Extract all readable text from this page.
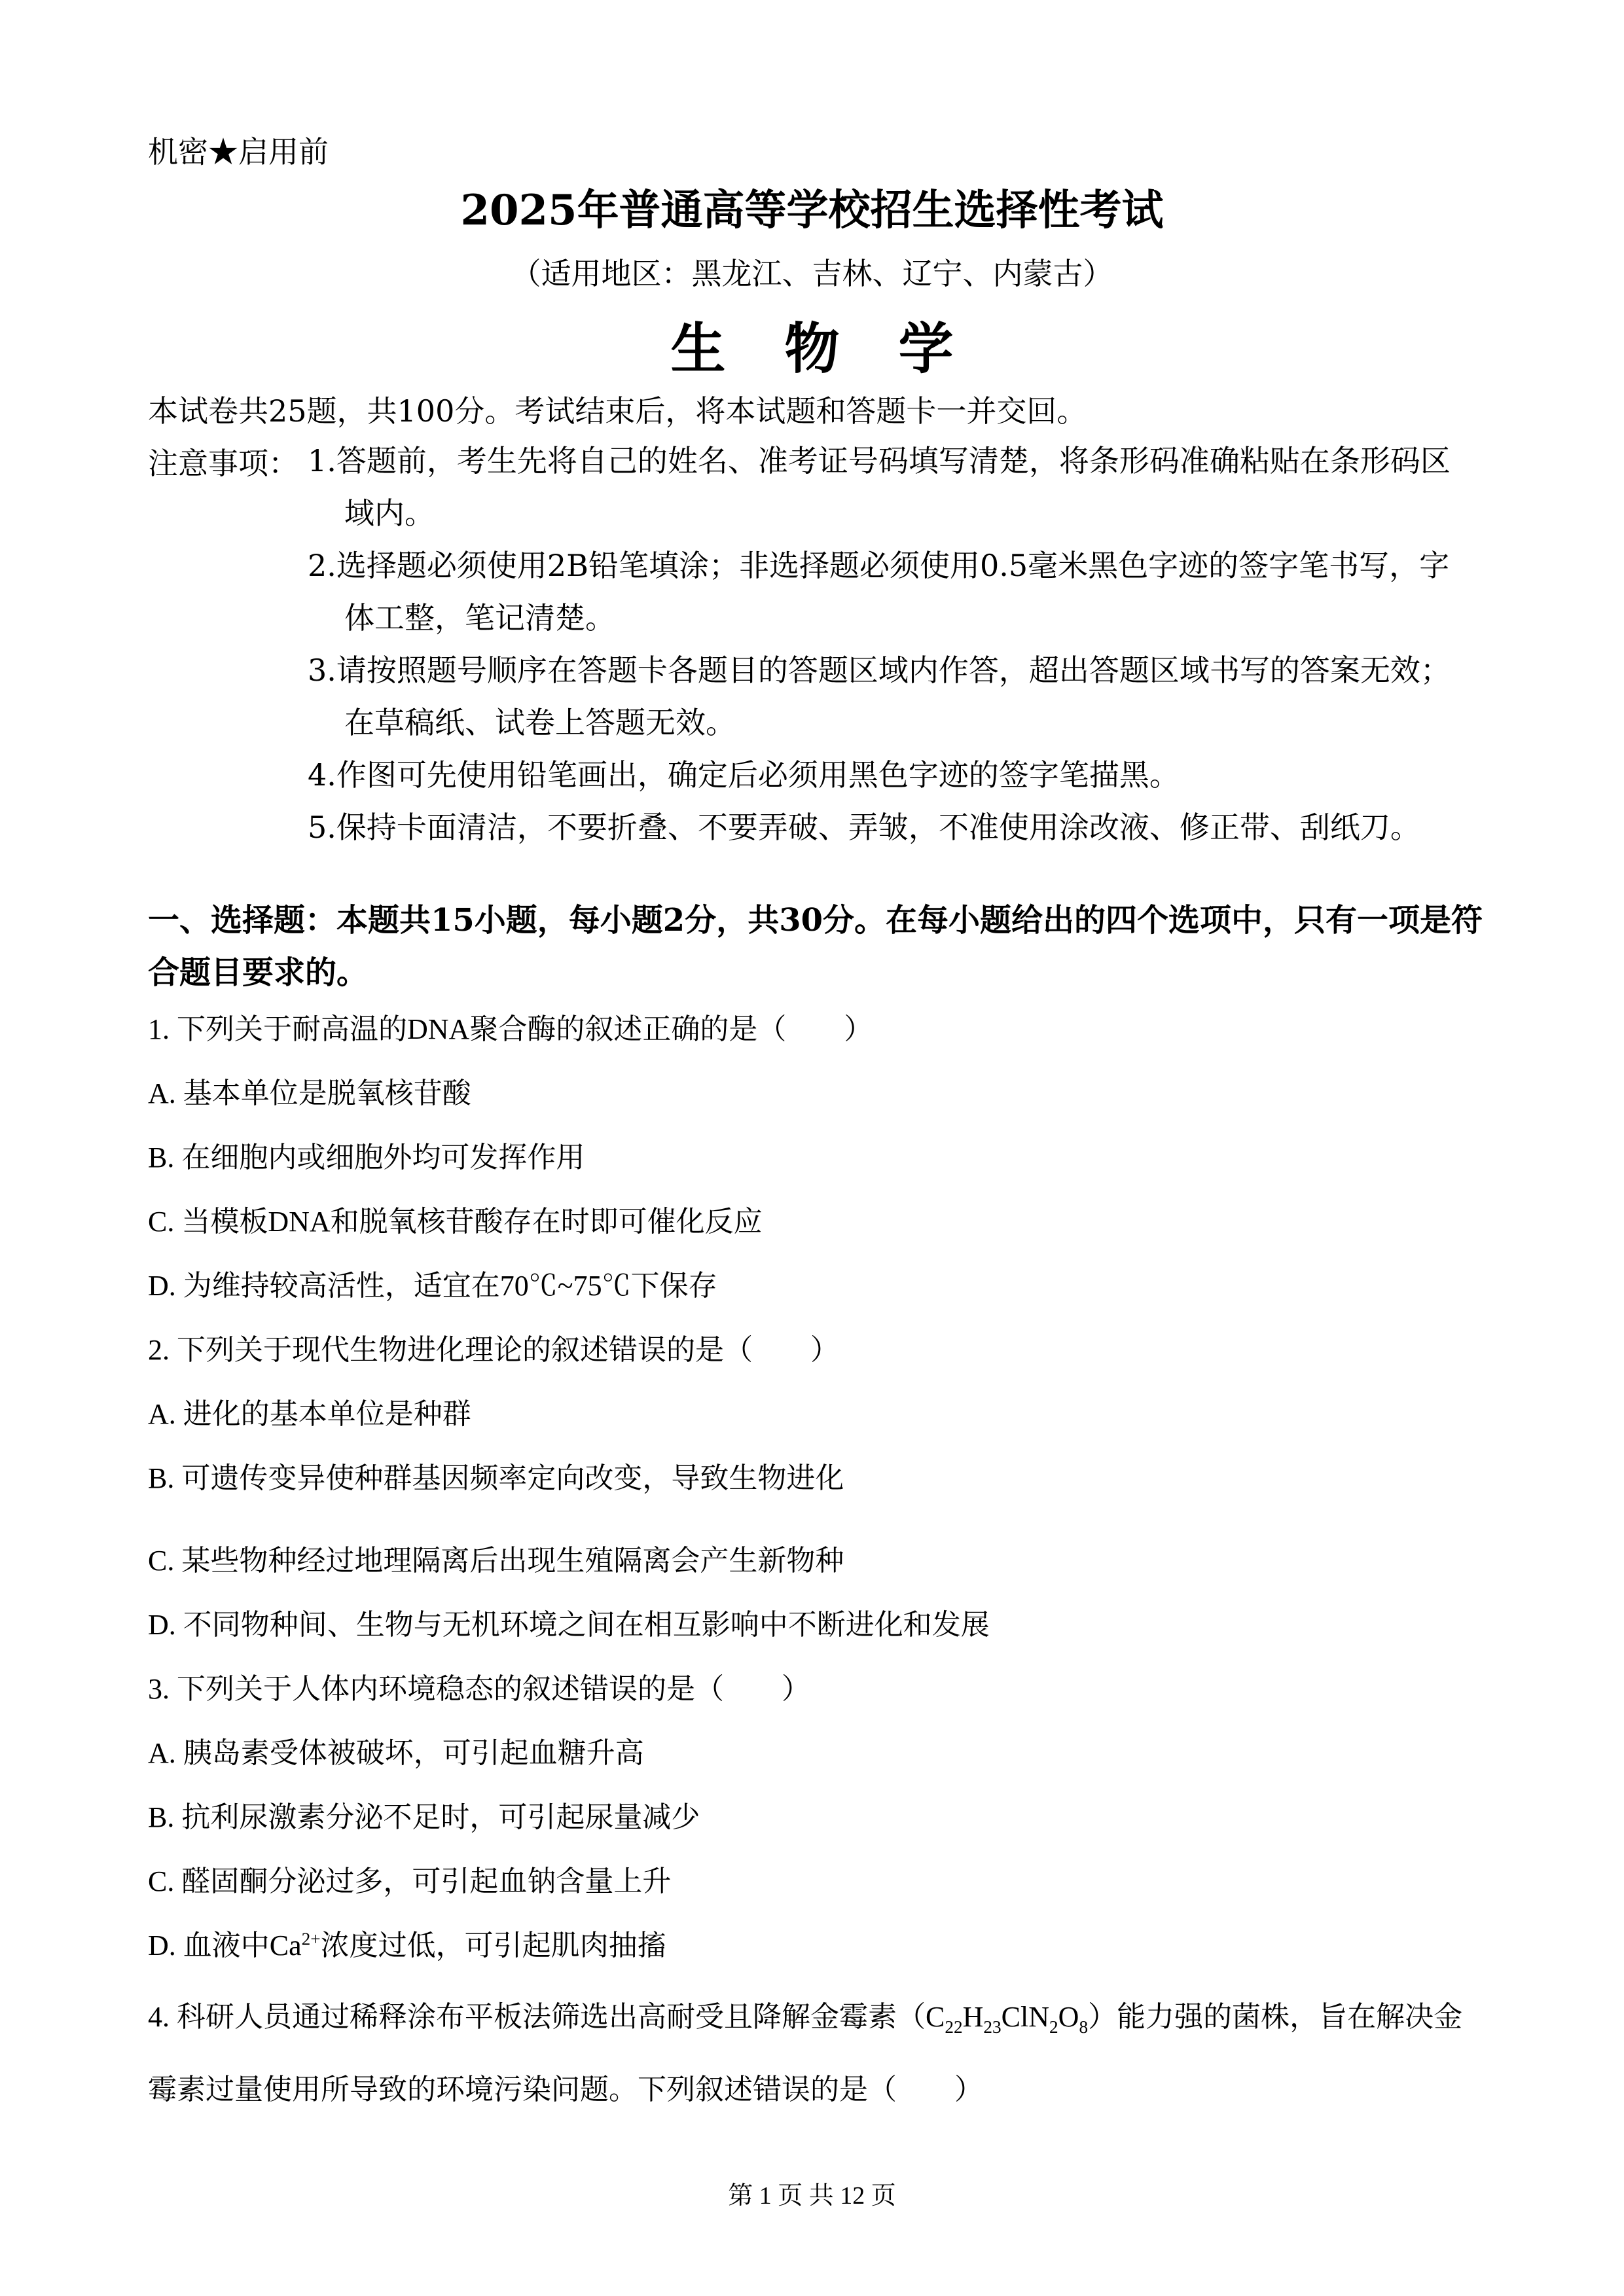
机密★启用前
2025年普通高等学校招生选择性考试
（适用地区：黑龙江、吉林、辽宁、内蒙古）
生物学
本试卷共25题，共100分。考试结束后，将本试题和答题卡一并交回。
注意事项： 1.答题前，考生先将自己的姓名、准考证号码填写清楚，将条形码准确粘贴在条形码区域内。
2.选择题必须使用2B铅笔填涂；非选择题必须使用0.5毫米黑色字迹的签字笔书写，字体工整，笔记清楚。
3.请按照题号顺序在答题卡各题目的答题区域内作答，超出答题区域书写的答案无效；在草稿纸、试卷上答题无效。
4.作图可先使用铅笔画出，确定后必须用黑色字迹的签字笔描黑。
5.保持卡面清洁，不要折叠、不要弄破、弄皱，不准使用涂改液、修正带、刮纸刀。
一、选择题：本题共15小题，每小题2分，共30分。在每小题给出的四个选项中，只有一项是符合题目要求的。
1. 下列关于耐高温的DNA聚合酶的叙述正确的是（　　）
A. 基本单位是脱氧核苷酸
B. 在细胞内或细胞外均可发挥作用
C. 当模板DNA和脱氧核苷酸存在时即可催化反应
D. 为维持较高活性，适宜在70℃~75℃下保存
2. 下列关于现代生物进化理论的叙述错误的是（　　）
A. 进化的基本单位是种群
B. 可遗传变异使种群基因频率定向改变，导致生物进化
C. 某些物种经过地理隔离后出现生殖隔离会产生新物种
D. 不同物种间、生物与无机环境之间在相互影响中不断进化和发展
3. 下列关于人体内环境稳态的叙述错误的是（　　）
A. 胰岛素受体被破坏，可引起血糖升高
B. 抗利尿激素分泌不足时，可引起尿量减少
C. 醛固酮分泌过多，可引起血钠含量上升
D. 血液中$Ca^{2+}$浓度过低，可引起肌肉抽搐
4. 科研人员通过稀释涂布平板法筛选出高耐受且降解金霉素$(C_{22}H_{23}ClN_2O_8)$能力强的菌株，旨在解决金霉素过量使用所导致的环境污染问题。下列叙述错误的是（　　）
第 1 页 共 12 页
